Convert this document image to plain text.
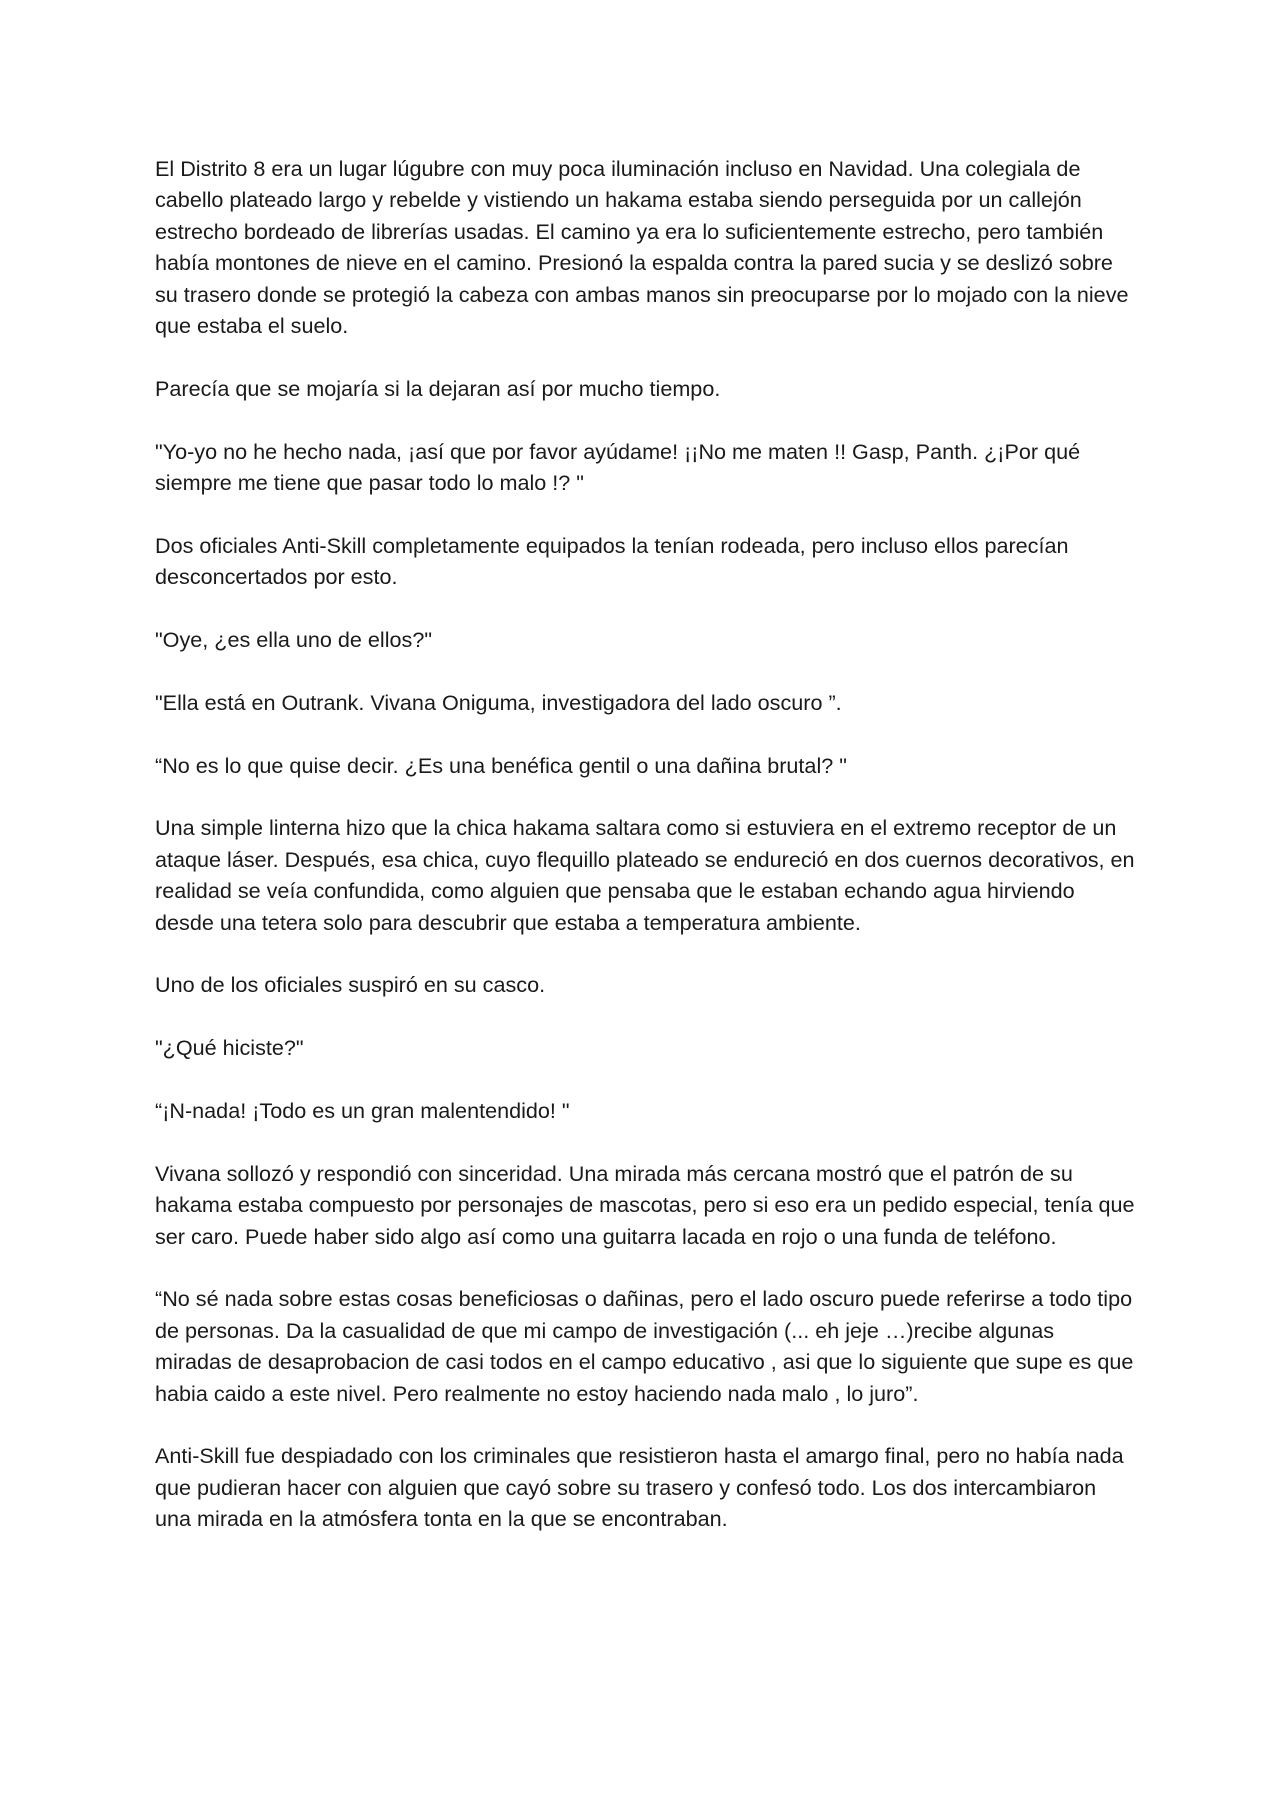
El Distrito 8 era un lugar lúgubre con muy poca iluminación incluso en Navidad. Una colegiala de cabello plateado largo y rebelde y vistiendo un hakama estaba siendo perseguida por un callejón estrecho bordeado de librerías usadas. El camino ya era lo suficientemente estrecho, pero también había montones de nieve en el camino. Presionó la espalda contra la pared sucia y se deslizó sobre su trasero donde se protegió la cabeza con ambas manos sin preocuparse por lo mojado con la nieve que estaba el suelo.

Parecía que se mojaría si la dejaran así por mucho tiempo.

"Yo-yo no he hecho nada, ¡así que por favor ayúdame! ¡¡No me maten !! Gasp, Panth. ¿¡Por qué siempre me tiene que pasar todo lo malo !? "

Dos oficiales Anti-Skill completamente equipados la tenían rodeada, pero incluso ellos parecían desconcertados por esto.

"Oye, ¿es ella uno de ellos?"

"Ella está en Outrank. Vivana Oniguma, investigadora del lado oscuro ”.

“No es lo que quise decir. ¿Es una benéfica gentil o una dañina brutal? "

Una simple linterna hizo que la chica hakama saltara como si estuviera en el extremo receptor de un ataque láser. Después, esa chica, cuyo flequillo plateado se endureció en dos cuernos decorativos, en realidad se veía confundida, como alguien que pensaba que le estaban echando agua hirviendo desde una tetera solo para descubrir que estaba a temperatura ambiente.

Uno de los oficiales suspiró en su casco.

"¿Qué hiciste?"

“¡N-nada! ¡Todo es un gran malentendido! "

Vivana sollozó y respondió con sinceridad. Una mirada más cercana mostró que el patrón de su hakama estaba compuesto por personajes de mascotas, pero si eso era un pedido especial, tenía que ser caro. Puede haber sido algo así como una guitarra lacada en rojo o una funda de teléfono.

“No sé nada sobre estas cosas beneficiosas o dañinas, pero el lado oscuro puede referirse a todo tipo de personas. Da la casualidad de que mi campo de investigación (... eh jeje …)recibe algunas miradas de desaprobacion de casi todos en el campo educativo , asi que lo siguiente que supe es que habia caido a este nivel. Pero realmente no estoy haciendo nada malo , lo juro”.

Anti-Skill fue despiadado con los criminales que resistieron hasta el amargo final, pero no había nada que pudieran hacer con alguien que cayó sobre su trasero y confesó todo. Los dos intercambiaron una mirada en la atmósfera tonta en la que se encontraban.
